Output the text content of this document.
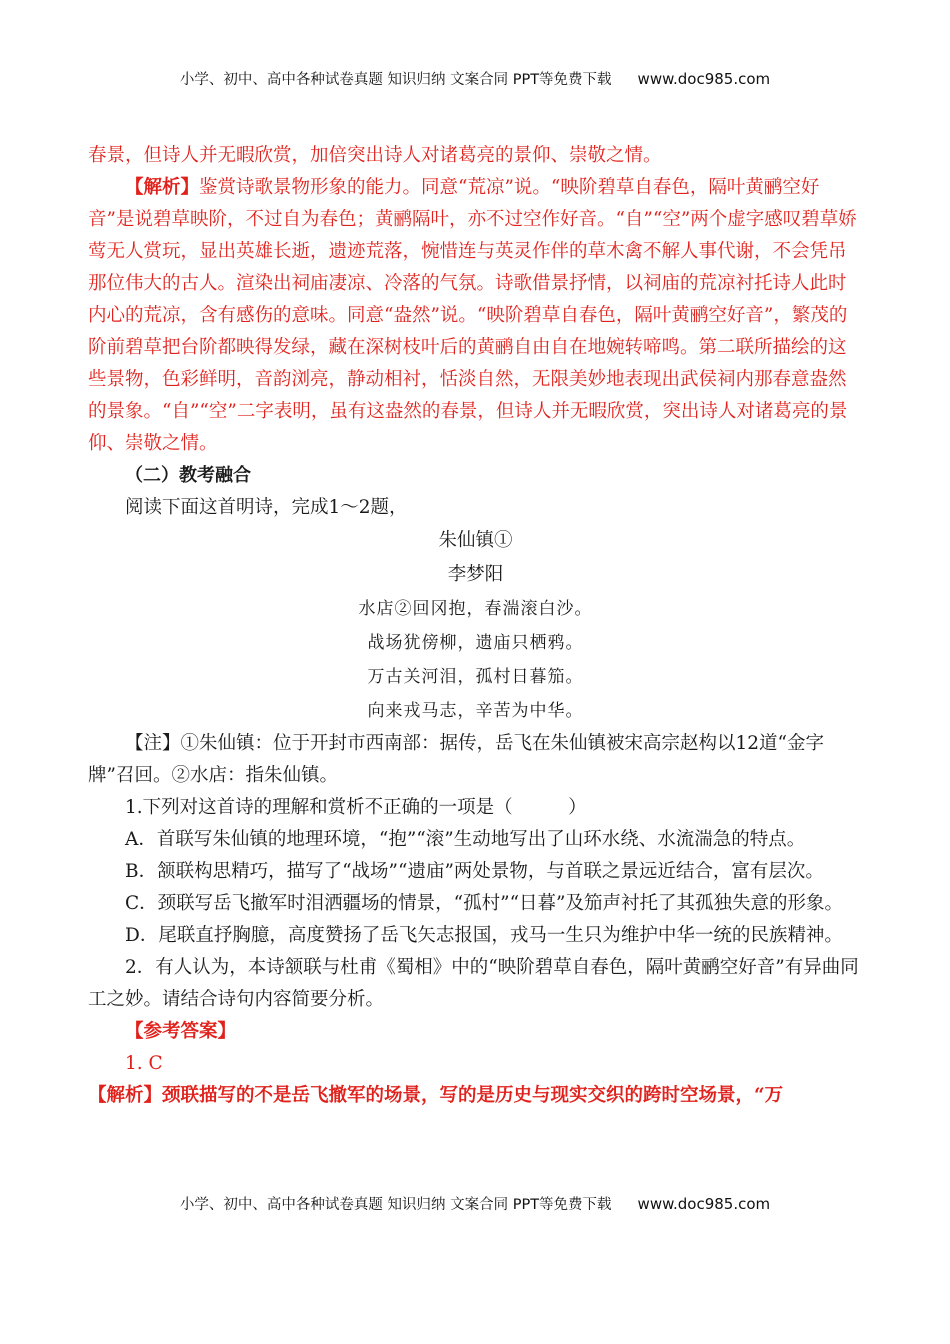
小学、初中、高中各种试卷真题 知识归纳 文案合同 PPT等免费下载 www.doc985.com

春景，但诗人并无暇欣赏，加倍突出诗人对诸葛亮的景仰、崇敬之情。

【解析】鉴赏诗歌景物形象的能力。同意“荒凉”说。“映阶碧草自春色，隔叶黄鹂空好音”是说碧草映阶，不过自为春色；黄鹂隔叶，亦不过空作好音。“自”“空”两个虚字感叹碧草娇莺无人赏玩，显出英雄长逝，遗迹荒落，惋惜连与英灵作伴的草木禽不解人事代谢，不会凭吊那位伟大的古人。渲染出祠庙凄凉、冷落的气氛。诗歌借景抒情，以祠庙的荒凉衬托诗人此时内心的荒凉，含有感伤的意味。同意“盎然”说。“映阶碧草自春色，隔叶黄鹂空好音”，繁茂的阶前碧草把台阶都映得发绿，藏在深树枝叶后的黄鹂自由自在地婉转啼鸣。第二联所描绘的这些景物，色彩鲜明，音韵浏亮，静动相衬，恬淡自然，无限美妙地表现出武侯祠内那春意盎然的景象。“自”“空”二字表明，虽有这盎然的春景，但诗人并无暇欣赏，突出诗人对诸葛亮的景仰、崇敬之情。

（二）教考融合

阅读下面这首明诗，完成1～2题，

朱仙镇①
李梦阳
水店②回冈抱，春湍滚白沙。
战场犹傍柳，遗庙只栖鸦。
万古关河泪，孤村日暮笳。
向来戎马志，辛苦为中华。

【注】①朱仙镇：位于开封市西南部：据传，岳飞在朱仙镇被宋高宗赵构以12道“金字牌”召回。②水店：指朱仙镇。

1.下列对这首诗的理解和赏析不正确的一项是（　　　）

A．首联写朱仙镇的地理环境，“抱”“滚”生动地写出了山环水绕、水流湍急的特点。

B．颔联构思精巧，描写了“战场”“遗庙”两处景物，与首联之景远近结合，富有层次。

C．颈联写岳飞撤军时泪洒疆场的情景，“孤村”“日暮”及笳声衬托了其孤独失意的形象。

D．尾联直抒胸臆，高度赞扬了岳飞矢志报国，戎马一生只为维护中华一统的民族精神。

2．有人认为，本诗颔联与杜甫《蜀相》中的“映阶碧草自春色，隔叶黄鹂空好音”有异曲同工之妙。请结合诗句内容简要分析。

【参考答案】

1. C

【解析】颈联描写的不是岳飞撤军的场景，写的是历史与现实交织的跨时空场景，“万

小学、初中、高中各种试卷真题 知识归纳 文案合同 PPT等免费下载 www.doc985.com
